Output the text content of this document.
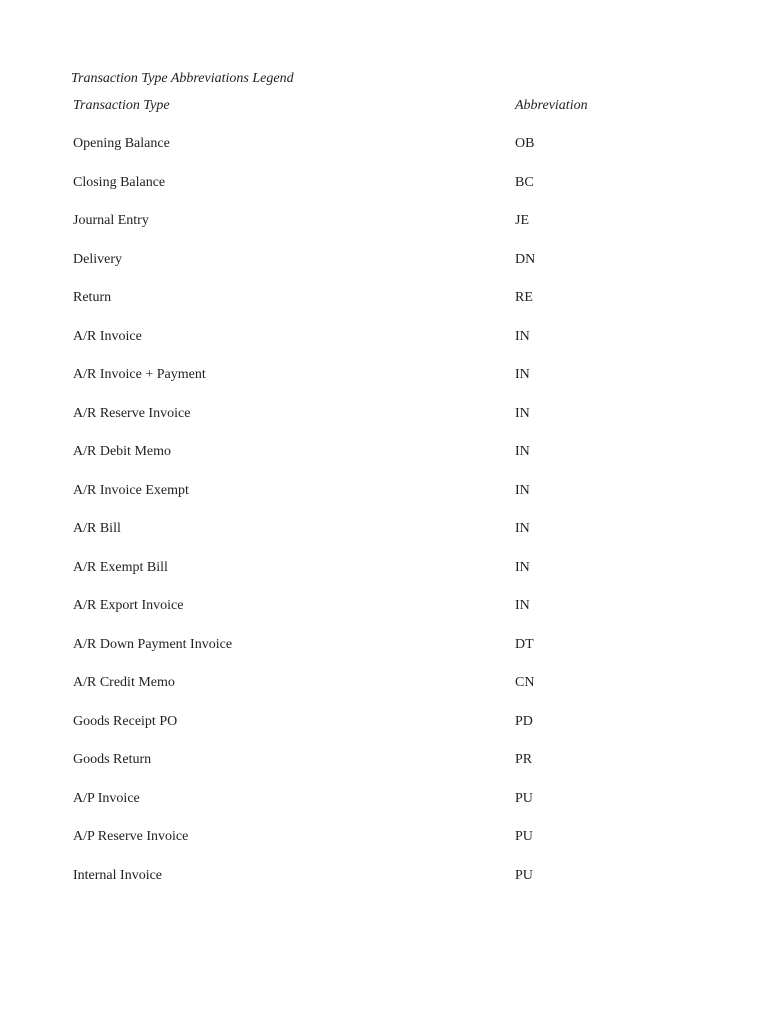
Transaction Type Abbreviations Legend
Transaction Type	Abbreviation
Opening Balance	OB
Closing Balance	BC
Journal Entry	JE
Delivery	DN
Return	RE
A/R Invoice	IN
A/R Invoice + Payment	IN
A/R Reserve Invoice	IN
A/R Debit Memo	IN
A/R Invoice Exempt	IN
A/R Bill	IN
A/R Exempt Bill	IN
A/R Export Invoice	IN
A/R Down Payment Invoice	DT
A/R Credit Memo	CN
Goods Receipt PO	PD
Goods Return	PR
A/P Invoice	PU
A/P Reserve Invoice	PU
Internal Invoice	PU
